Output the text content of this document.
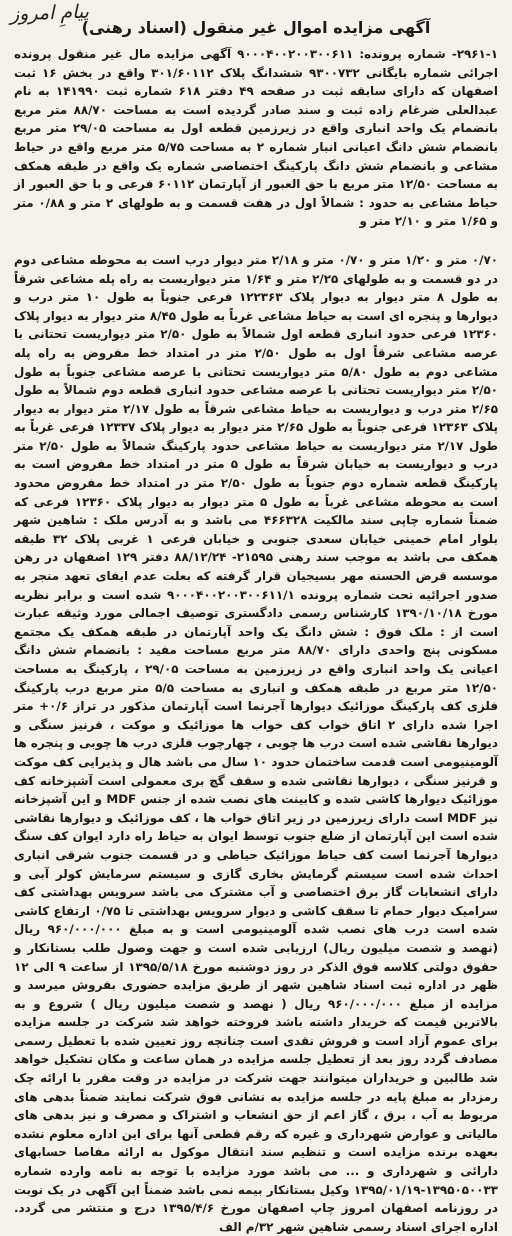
پیامِ امروز
آگهی مزایده اموال غیر منقول (اسناد رهنی)

۲۹۶۱-۱- شماره پرونده: ۹۰۰۰۴۰۰۲۰۰۳۰۰۶۱۱ آگهی مزایده مال غیر منقول پرونده اجرائی شماره بایگانی ۹۳۰۰۷۳۲ ششدانگ پلاک ۳۰۱/۶۰۱۱۲ واقع در بخش ۱۶ ثبت اصفهان که دارای سابقه ثبت در صفحه ۴۹ دفتر ۶۱۸ شماره ثبت ۱۴۱۹۹۰ به نام عبدالعلی ضرغام زاده ثبت و سند صادر گردیده است به مساحت ۸۸/۷۰ متر مربع بانضمام یک واحد انباری واقع در زیرزمین قطعه اول به مساحت ۲۹/۰۵ متر مربع بانضمام شش دانگ اعیانی انبار شماره ۲ به مساحت ۵/۷۵ متر مربع واقع در حیاط مشاعی و بانضمام شش دانگ پارکینگ اختصاصی شماره یک واقع در طبقه همکف به مساحت ۱۲/۵۰ متر مربع با حق العبور از آپارتمان ۶۰۱۱۲ فرعی و با حق العبور از حیاط مشاعی به حدود : شمالاً اول در هفت قسمت و به طولهای ۲ متر و ۰/۸۸ متر و ۱/۶۵ متر و ۲/۱۰ متر و

۰/۷۰ متر و ۱/۲۰ متر و ۰/۷۰ متر و ۲/۱۸ متر دیوار درب است به محوطه مشاعی دوم در دو قسمت و به طولهای ۲/۲۵ متر و ۱/۶۴ متر دیواریست به راه پله مشاعی شرقاً به طول ۸ متر دیوار به دیوار پلاک ۱۲۲۳۶۳ فرعی جنوباً به طول ۱۰ متر درب و دیوارها و پنجره ای است به حیاط مشاعی غرباً به طول ۸/۴۵ متر دیوار به دیوار پلاک ۱۲۳۶۰ فرعی حدود انباری قطعه اول شمالاً به طول ۲/۵۰ متر دیواریست تحتانی با عرصه مشاعی شرقاً اول به طول ۲/۵۰ متر در امتداد خط مفروض به راه پله مشاعی دوم به طول ۵/۸۰ متر دیواریست تحتانی با عرصه مشاعی جنوباً به طول ۲/۵۰ متر دیواریست تحتانی با عرصه مشاعی حدود انباری قطعه دوم شمالاً به طول ۲/۶۵ متر درب و دیواریست به حیاط مشاعی شرقاً به طول ۲/۱۷ متر دیوار به دیوار پلاک ۱۲۳۶۳ فرعی جنوباً به طول ۲/۶۵ متر دیوار به دیوار پلاک ۱۲۳۳۷ فرعی غرباً به طول ۲/۱۷ متر دیواریست به حیاط مشاعی حدود پارکینگ شمالاً به طول ۲/۵۰ متر درب و دیواریست به خیابان شرقاً به طول ۵ متر در امتداد خط مفروض است به پارکینگ قطعه شماره دوم جنوباً به طول ۲/۵۰ متر در امتداد خط مفروض محدود است به محوطه مشاعی غرباً به طول ۵ متر دیوار به دیوار پلاک ۱۲۳۶۰ فرعی که ضمناً شماره چاپی سند مالکیت ۴۶۶۳۲۸ می باشد و به آدرس ملک : شاهین شهر بلوار امام خمینی خیابان سعدی جنوبی و خیابان فرعی ۱ غربی پلاک ۳۲ طبقه همکف می باشد به موجب سند رهنی ۲۱۵۹۵- ۸۸/۱۲/۲۴ دفتر ۱۲۹ اصفهان در رهن موسسه قرض الحسنه مهر بسیجیان قرار گرفته که بعلت عدم ایفای تعهد منجر به صدور اجرائیه تحت شماره پرونده ۹۰۰۰۴۰۰۲۰۰۳۰۰۶۱۱/۱ شده است و برابر نظریه مورخ ۱۳۹۰/۱۰/۱۸ کارشناس رسمی دادگستری توصیف اجمالی مورد وثیقه عبارت است از : ملک فوق : شش دانگ یک واحد آپارتمان در طبقه همکف یک مجتمع مسکونی پنج واحدی دارای ۸۸/۷۰ متر مربع مساحت مفید : بانضمام شش دانگ اعیانی یک واحد انباری واقع در زیرزمین به مساحت ۲۹/۰۵ ، پارکینگ به مساحت ۱۲/۵۰ متر مربع در طبقه همکف و انباری به مساحت ۵/۵ متر مربع درب پارکینگ فلزی کف پارکینگ موزائیک دیوارها آجرنما است آپارتمان مذکور در تراز ۰/۶+ متر اجرا شده دارای ۲ اتاق خواب کف خواب ها موزائیک و موکت ، قرنیز سنگی و دیوارها نقاشی شده است درب ها چوبی ، چهارچوب فلزی درب ها چوبی و پنجره ها آلومینیومی است قدمت ساختمان حدود ۱۰ سال می باشد هال و پذیرایی کف موکت و قرنیز سنگی ، دیوارها نقاشی شده و سقف گچ بری معمولی است آشپزخانه کف موزائیک دیوارها کاشی شده و کابینت های نصب شده از جنس MDF و این آشپزخانه نیز MDF است دارای زیرزمین در زیر اتاق خواب ها ، کف موزائیک و دیوارها نقاشی شده است این آپارتمان از ضلع جنوب توسط ایوان به حیاط راه دارد ایوان کف سنگ دیوارها آجرنما است کف حیاط موزائیک حیاطی و در قسمت جنوب شرقی انباری احداث شده است سیستم گرمایش بخاری گازی و سیستم سرمایش کولر آبی و دارای انشعابات گاز برق اختصاصی و آب مشترک می باشد سرویس بهداشتی کف سرامیک دیوار حمام تا سقف کاشی و دیوار سرویس بهداشتی تا ۰/۷۵ ارتفاع کاشی شده است درب های نصب شده آلومینیومی است و به مبلغ ۹۶۰/۰۰۰/۰۰۰ ریال (نهصد و شصت میلیون ریال) ارزیابی شده است و جهت وصول طلب بستانکار و حقوق دولتی کلاسه فوق الذکر در روز دوشنبه مورخ ۱۳۹۵/۵/۱۸ از ساعت ۹ الی ۱۲ ظهر در اداره ثبت اسناد شاهین شهر از طریق مزایده حضوری بفروش میرسد و مزایده از مبلغ ۹۶۰/۰۰۰/۰۰۰ ریال ( نهصد و شصت میلیون ریال ) شروع و به بالاترین قیمت که خریدار داشته باشد فروخته خواهد شد شرکت در جلسه مزایده برای عموم آزاد است و فروش نقدی است چنانچه روز تعیین شده با تعطیل رسمی مصادف گردد روز بعد از تعطیل جلسه مزایده در همان ساعت و مکان تشکیل خواهد شد طالبین و خریداران میتوانند جهت شرکت در مزایده در وقت مقرر با ارائه چک رمزدار به مبلغ پایه در جلسه مزایده به نشانی فوق شرکت نمایند ضمناً بدهی های مربوط به آب ، برق ، گاز اعم از حق انشعاب و اشتراک و مصرف و نیز بدهی های مالیاتی و عوارض شهرداری و غیره که رقم قطعی آنها برای این اداره معلوم نشده بعهده برنده مزایده است و تنظیم سند انتقال موکول به ارائه مفاصا حسابهای دارائی و شهرداری و ... می باشد مورد مزایده با توجه به نامه وارده شماره ۱۳۹۵۰۵۰۰۳۳-۱۳۹۵/۰۱/۱۹ وکیل بستانکار بیمه نمی باشد ضمناً این آگهی در یک نوبت در روزنامه اصفهان امروز چاپ اصفهان مورخ ۱۳۹۵/۴/۶ درج و منتشر می گردد. اداره اجرای اسناد رسمی شاهین شهر ۳۲/م الف
